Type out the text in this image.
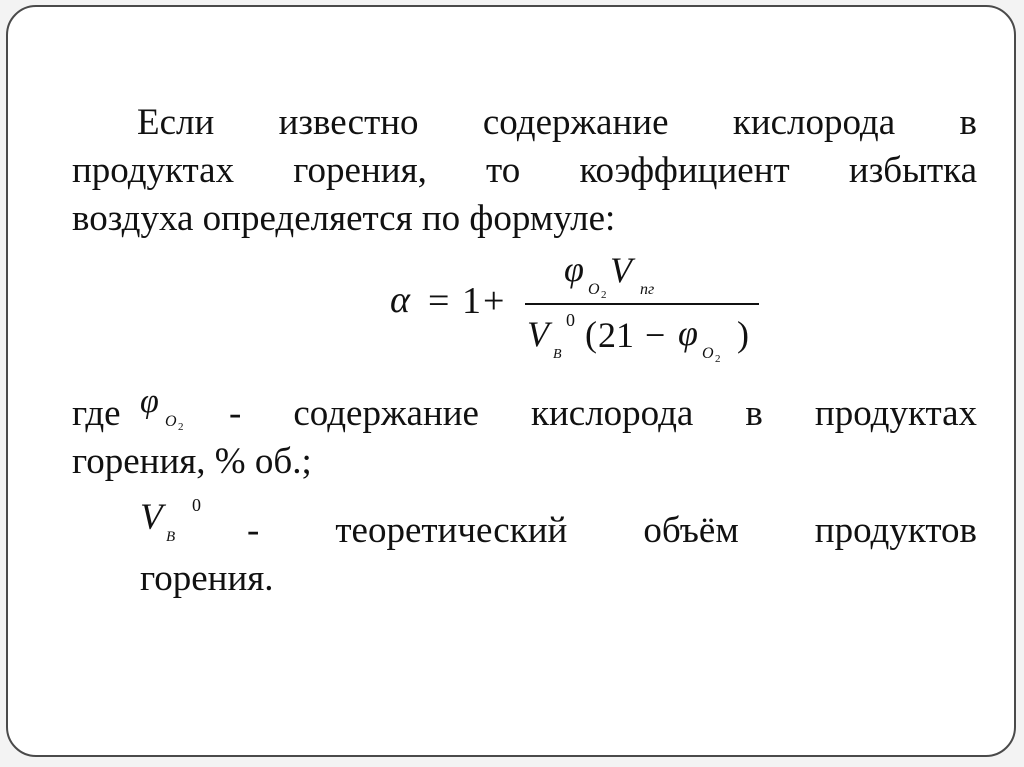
Если известно содержание кислорода в
продуктах горения, то коэффициент избытка
воздуха определяется по формуле:
α = 1 +
φ
O 2
V пг
V
B
0 ( 21 − φ
O 2
)
где φ
O 2 - содержание кислорода в продуктах
горения, % об.;
V B
0
- теоретический объём продуктов
горения.
